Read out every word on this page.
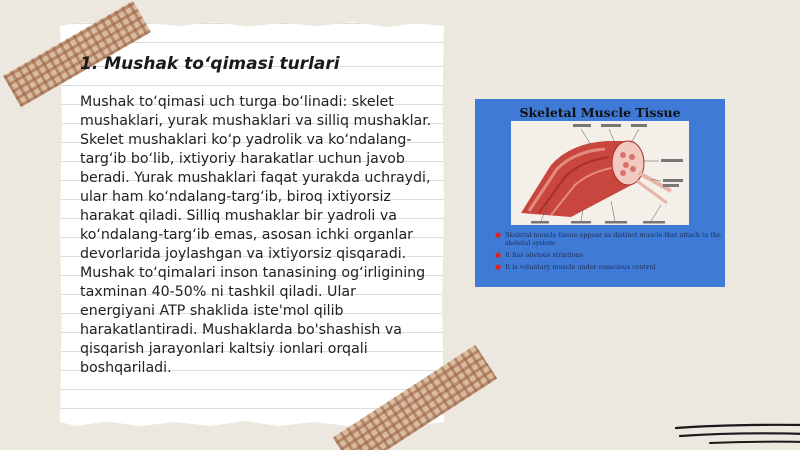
1. Mushak to‘qimasi turlari
Mushak to‘qimasi uch turga bo‘linadi: skelet mushaklari, yurak mushaklari va silliq mushaklar. Skelet mushaklari ko‘p yadrolik va ko‘ndalang-targ‘ib bo‘lib, ixtiyoriy harakatlar uchun javob beradi. Yurak mushaklari faqat yurakda uchraydi, ular ham ko‘ndalang-targ‘ib, biroq ixtiyorsiz harakat qiladi. Silliq mushaklar bir yadroli va ko‘ndalang-targ‘ib emas, asosan ichki organlar devorlarida joylashgan va ixtiyorsiz qisqaradi. Mushak to‘qimalari inson tanasining og‘irligining taxminan 40-50% ni tashkil qiladi. Ular energiyani ATP shaklida iste'mol qilib harakatlantiradi. Mushaklarda bo'shashish va qisqarish jarayonlari kaltsiy ionlari orqali boshqariladi.
Skeletal Muscle Tissue
● Skeletal muscle tissue appear as distinct muscle that attach to the skeletal system
● It has obvious striations
● It is voluntary muscle under conscious control
